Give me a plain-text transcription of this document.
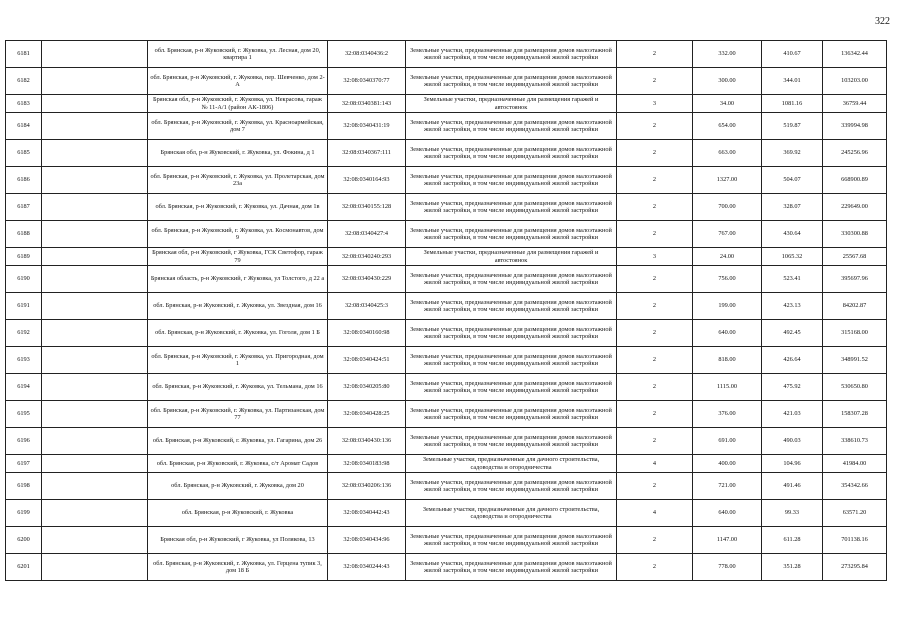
322
6181		обл. Брянская, р-н Жуковский, г. Жуковка, ул. Лесная, дом 20, квартира 1	32:08:0340436:2	Земельные участки, предназначенные для размещения домов малоэтажной жилой застройки, в том числе индивидуальной жилой застройки	2	332.00	410.67	136342.44
6182		обл. Брянская, р-н Жуковский, г. Жуковка, пер. Шевченко, дом 2-А	32:08:0340370:77	Земельные участки, предназначенные для размещения домов малоэтажной жилой застройки, в том числе индивидуальной жилой застройки	2	300.00	344.01	103203.00
6183		Брянская обл, р-н Жуковский, г. Жуковка, ул. Некрасова, гараж № 11-А/1 (район АК-1806)	32:08:0340381:143	Земельные участки, предназначенные для размещения гаражей и автостоянок	3	34.00	1081.16	36759.44
6184		обл. Брянская, р-н Жуковский, г. Жуковка, ул. Красноармейская, дом 7	32:08:0340431:19	Земельные участки, предназначенные для размещения домов малоэтажной жилой застройки, в том числе индивидуальной жилой застройки	2	654.00	519.87	339994.98
6185		Брянская обл, р-н Жуковский, г. Жуковка, ул. Фокина, д 1	32:08:0340367:111	Земельные участки, предназначенные для размещения домов малоэтажной жилой застройки, в том числе индивидуальной жилой застройки	2	663.00	369.92	245256.96
6186		обл. Брянская, р-н Жуковский, г. Жуковка, ул. Пролетарская, дом 23а	32:08:0340164:93	Земельные участки, предназначенные для размещения домов малоэтажной жилой застройки, в том числе индивидуальной жилой застройки	2	1327.00	504.07	668900.89
6187		обл. Брянская, р-н Жуковский, г. Жуковка, ул. Дачная, дом 1в	32:08:0340155:128	Земельные участки, предназначенные для размещения домов малоэтажной жилой застройки, в том числе индивидуальной жилой застройки	2	700.00	328.07	229649.00
6188		обл. Брянская, р-н Жуковский, г. Жуковка, ул. Космонавтов, дом 9	32:08:0340427:4	Земельные участки, предназначенные для размещения домов малоэтажной жилой застройки, в том числе индивидуальной жилой застройки	2	767.00	430.64	330300.88
6189		Брянская обл, р-н Жуковский, г Жуковка, ГСК Светофор, гараж 79	32:08:0340240:293	Земельные участки, предназначенные для размещения гаражей и автостоянок	3	24.00	1065.32	25567.68
6190		Брянская область, р-н Жуковский, г Жуковка, ул Толстого, д 22 а	32:08:0340430:229	Земельные участки, предназначенные для размещения домов малоэтажной жилой застройки, в том числе индивидуальной жилой застройки	2	756.00	523.41	395697.96
6191		обл. Брянская, р-н Жуковский, г. Жуковка, ул. Звездная, дом 16	32:08:0340425:3	Земельные участки, предназначенные для размещения домов малоэтажной жилой застройки, в том числе индивидуальной жилой застройки	2	199.00	423.13	84202.87
6192		обл. Брянская, р-н Жуковский, г. Жуковка, ул. Гоголя, дом 1 Б	32:08:0340160:98	Земельные участки, предназначенные для размещения домов малоэтажной жилой застройки, в том числе индивидуальной жилой застройки	2	640.00	492.45	315168.00
6193		обл. Брянская, р-н Жуковский, г. Жуковка, ул. Пригородная, дом 1	32:08:0340424:51	Земельные участки, предназначенные для размещения домов малоэтажной жилой застройки, в том числе индивидуальной жилой застройки	2	818.00	426.64	348991.52
6194		обл. Брянская, р-н Жуковский, г. Жуковка, ул. Тельмана, дом 16	32:08:0340205:80	Земельные участки, предназначенные для размещения домов малоэтажной жилой застройки, в том числе индивидуальной жилой застройки	2	1115.00	475.92	530650.80
6195		обл. Брянская, р-н Жуковский, г. Жуковка, ул. Партизанская, дом 77	32:08:0340428:25	Земельные участки, предназначенные для размещения домов малоэтажной жилой застройки, в том числе индивидуальной жилой застройки	2	376.00	421.03	158307.28
6196		обл. Брянская, р-н Жуковский, г. Жуковка, ул. Гагарина, дом 26	32:08:0340430:136	Земельные участки, предназначенные для размещения домов малоэтажной жилой застройки, в том числе индивидуальной жилой застройки	2	691.00	490.03	338610.73
6197		обл. Брянская, р-н Жуковский, г. Жуковка, с/т Аромат Садов	32:08:0340183:98	Земельные участки, предназначенные для дачного строительства, садоводства и огородничества	4	400.00	104.96	41984.00
6198		обл. Брянская, р-н Жуковский, г. Жуковка, дом 20	32:08:0340206:136	Земельные участки, предназначенные для размещения домов малоэтажной жилой застройки, в том числе индивидуальной жилой застройки	2	721.00	491.46	354342.66
6199		обл. Брянская, р-н Жуковский, г. Жуковка	32:08:0340442:43	Земельные участки, предназначенные для дачного строительства, садоводства и огородничества	4	640.00	99.33	63571.20
6200		Брянская обл, р-н Жуковский, г Жуковка, ул Полякова, 13	32:08:0340434:96	Земельные участки, предназначенные для размещения домов малоэтажной жилой застройки, в том числе индивидуальной жилой застройки	2	1147.00	611.28	701138.16
6201		обл. Брянская, р-н Жуковский, г. Жуковка, ул. Герцена тупик 3, дом 18 Б	32:08:0340244:43	Земельные участки, предназначенные для размещения домов малоэтажной жилой застройки, в том числе индивидуальной жилой застройки	2	778.00	351.28	273295.84
